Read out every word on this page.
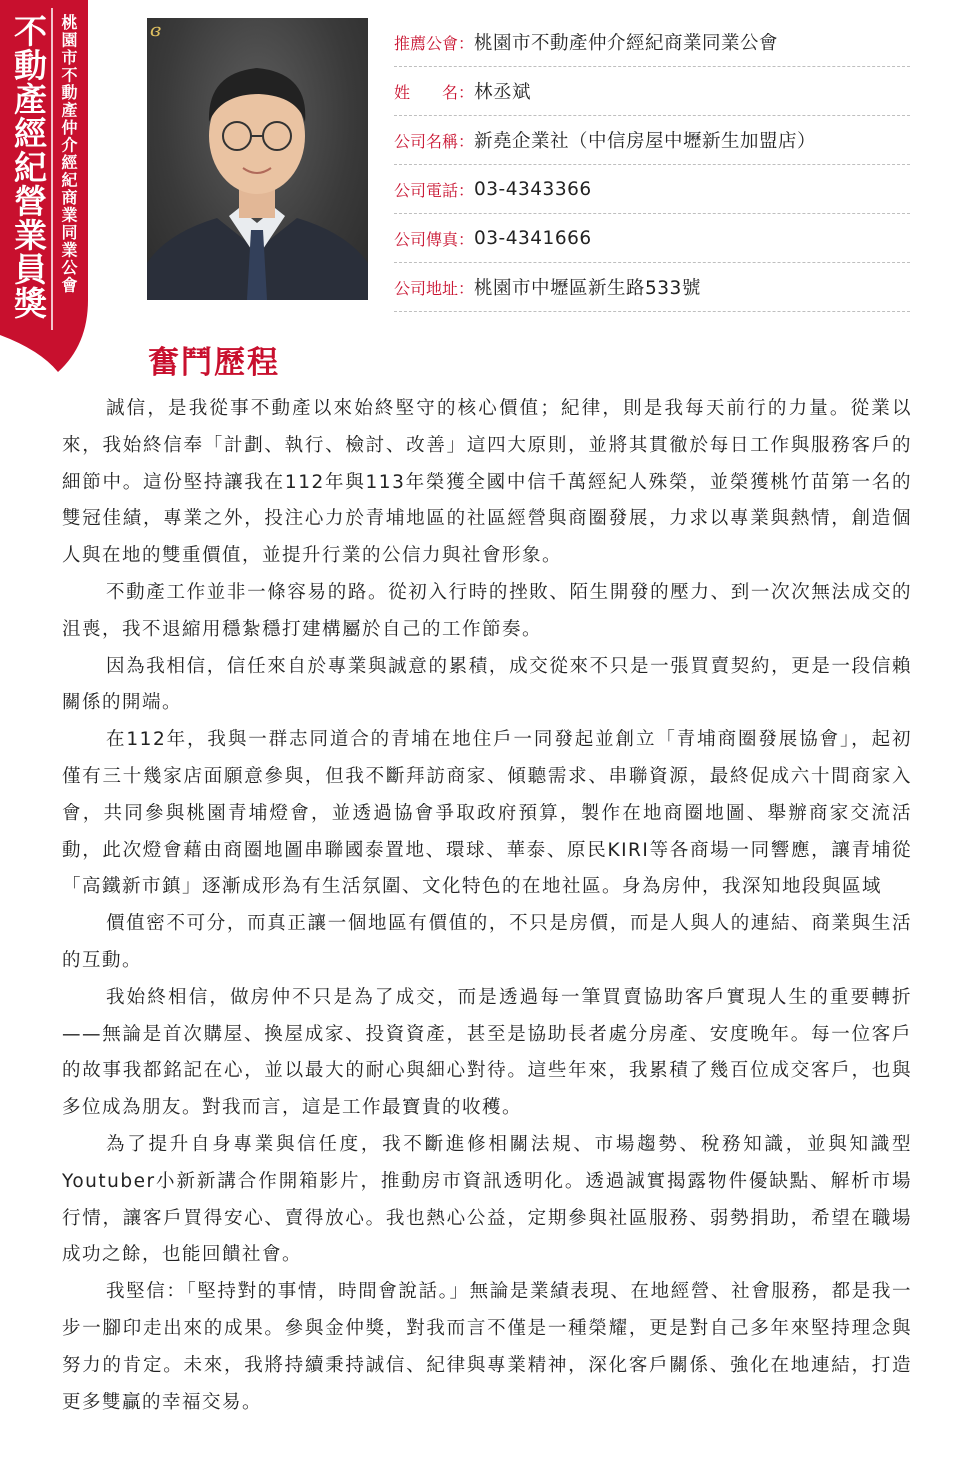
不動產經紀營業員獎 桃園市不動產仲介經紀商業同業公會	ɞ
推薦公會： 桃園市不動產仲介經紀商業同業公會
姓　　名： 林丞斌
公司名稱： 新堯企業社（中信房屋中壢新生加盟店）
公司電話： 03-4343366
公司傳真： 03-4341666
公司地址： 桃園市中壢區新生路533號
奮鬥歷程

誠信，是我從事不動產以來始終堅守的核心價值；紀律，則是我每天前行的力量。從業以來，我始終信奉「計劃、執行、檢討、改善」這四大原則，並將其貫徹於每日工作與服務客戶的細節中。這份堅持讓我在112年與113年榮獲全國中信千萬經紀人殊榮，並榮獲桃竹苗第一名的雙冠佳績，專業之外，投注心力於青埔地區的社區經營與商圈發展，力求以專業與熱情，創造個人與在地的雙重價值，並提升行業的公信力與社會形象。

不動產工作並非一條容易的路。從初入行時的挫敗、陌生開發的壓力、到一次次無法成交的沮喪，我不退縮用穩紮穩打建構屬於自己的工作節奏。

因為我相信，信任來自於專業與誠意的累積，成交從來不只是一張買賣契約，更是一段信賴關係的開端。

在112年，我與一群志同道合的青埔在地住戶一同發起並創立「青埔商圈發展協會」，起初僅有三十幾家店面願意參與，但我不斷拜訪商家、傾聽需求、串聯資源，最終促成六十間商家入會，共同參與桃園青埔燈會，並透過協會爭取政府預算，製作在地商圈地圖、舉辦商家交流活動，此次燈會藉由商圈地圖串聯國泰置地、環球、華泰、原民KIRI等各商場一同響應，讓青埔從「高鐵新市鎮」逐漸成形為有生活氛圍、文化特色的在地社區。身為房仲，我深知地段與區域

價值密不可分，而真正讓一個地區有價值的，不只是房價，而是人與人的連結、商業與生活的互動。

我始終相信，做房仲不只是為了成交，而是透過每一筆買賣協助客戶實現人生的重要轉折——無論是首次購屋、換屋成家、投資資產，甚至是協助長者處分房產、安度晚年。每一位客戶的故事我都銘記在心，並以最大的耐心與細心對待。這些年來，我累積了幾百位成交客戶，也與多位成為朋友。對我而言，這是工作最寶貴的收穫。

為了提升自身專業與信任度，我不斷進修相關法規、市場趨勢、稅務知識，並與知識型Youtuber小新新講合作開箱影片，推動房市資訊透明化。透過誠實揭露物件優缺點、解析市場行情，讓客戶買得安心、賣得放心。我也熱心公益，定期參與社區服務、弱勢捐助，希望在職場成功之餘，也能回饋社會。

我堅信：「堅持對的事情，時間會說話。」無論是業績表現、在地經營、社會服務，都是我一步一腳印走出來的成果。參與金仲獎，對我而言不僅是一種榮耀，更是對自己多年來堅持理念與努力的肯定。未來，我將持續秉持誠信、紀律與專業精神，深化客戶關係、強化在地連結，打造更多雙贏的幸福交易。
